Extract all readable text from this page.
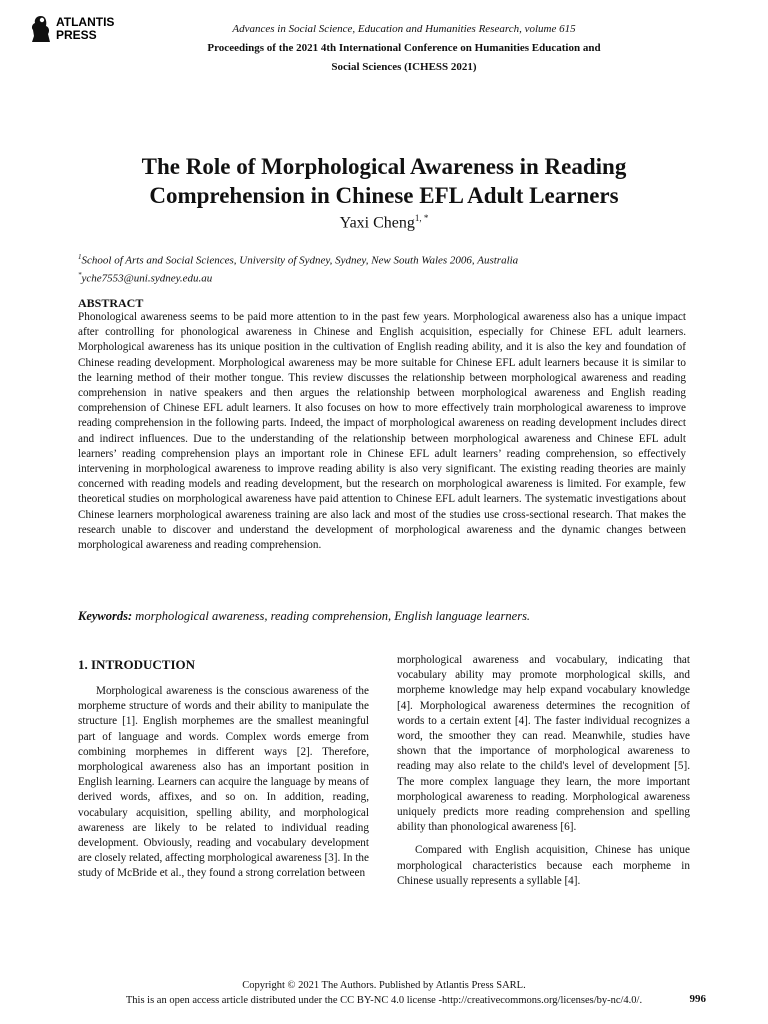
ATLANTIS
PRESS	Advances in Social Science, Education and Humanities Research, volume 615
Proceedings of the 2021 4th International Conference on Humanities Education and
Social Sciences (ICHESS 2021)
The Role of Morphological Awareness in Reading
Comprehension in Chinese EFL Adult Learners
Yaxi Cheng$^{1, *}$
$^1$School of Arts and Social Sciences, University of Sydney, Sydney, New South Wales 2006, Australia
*yche7553@uni.sydney.edu.au
ABSTRACT
Phonological awareness seems to be paid more attention to in the past few years. Morphological awareness also has a unique impact after controlling for phonological awareness in Chinese and English acquisition, especially for Chinese EFL adult learners. Morphological awareness has its unique position in the cultivation of English reading ability, and it is also the key and foundation of Chinese reading development. Morphological awareness may be more suitable for Chinese EFL adult learners because it is similar to the learning method of their mother tongue. This review discusses the relationship between morphological awareness and reading comprehension in native speakers and then argues the relationship between morphological awareness and English reading comprehension of Chinese EFL adult learners. It also focuses on how to more effectively train morphological awareness to improve reading comprehension in the following parts. Indeed, the impact of morphological awareness on reading development includes direct and indirect influences. Due to the understanding of the relationship between morphological awareness and Chinese EFL adult learners’ reading comprehension plays an important role in Chinese EFL adult learners’ reading comprehension, so effectively intervening in morphological awareness to improve reading ability is also very significant. The existing reading theories are mainly concerned with reading models and reading development, but the research on morphological awareness is limited. For example, few theoretical studies on morphological awareness have paid attention to Chinese EFL adult learners. The systematic investigations about Chinese learners morphological awareness training are also lack and most of the studies use cross-sectional research. That makes the research unable to discover and understand the development of morphological awareness and the dynamic changes between morphological awareness and reading comprehension.
Keywords: morphological awareness, reading comprehension, English language learners.
1. INTRODUCTION

Morphological awareness is the conscious awareness of the morpheme structure of words and their ability to manipulate the structure [1]. English morphemes are the smallest meaningful part of language and words. Complex words emerge from combining morphemes in different ways [2]. Therefore, morphological awareness also has an important position in English learning. Learners can acquire the language by means of derived words, affixes, and so on. In addition, reading, vocabulary acquisition, spelling ability, and morphological awareness are likely to be related to individual reading development. Obviously, reading and vocabulary development are closely related, affecting morphological awareness [3]. In the study of McBride et al., they found a strong correlation between

morphological awareness and vocabulary, indicating that vocabulary ability may promote morphological skills, and morpheme knowledge may help expand vocabulary knowledge [4]. Morphological awareness determines the recognition of words to a certain extent [4]. The faster individual recognizes a word, the smoother they can read. Meanwhile, studies have shown that the importance of morphological awareness to reading may also relate to the child's level of development [5]. The more complex language they learn, the more important morphological awareness to reading. Morphological awareness uniquely predicts more reading comprehension and spelling ability than phonological awareness [6].

Compared with English acquisition, Chinese has unique morphological characteristics because each morpheme in Chinese usually represents a syllable [4].

Copyright © 2021 The Authors. Published by Atlantis Press SARL.
This is an open access article distributed under the CC BY-NC 4.0 license -http://creativecommons.org/licenses/by-nc/4.0/.	996
